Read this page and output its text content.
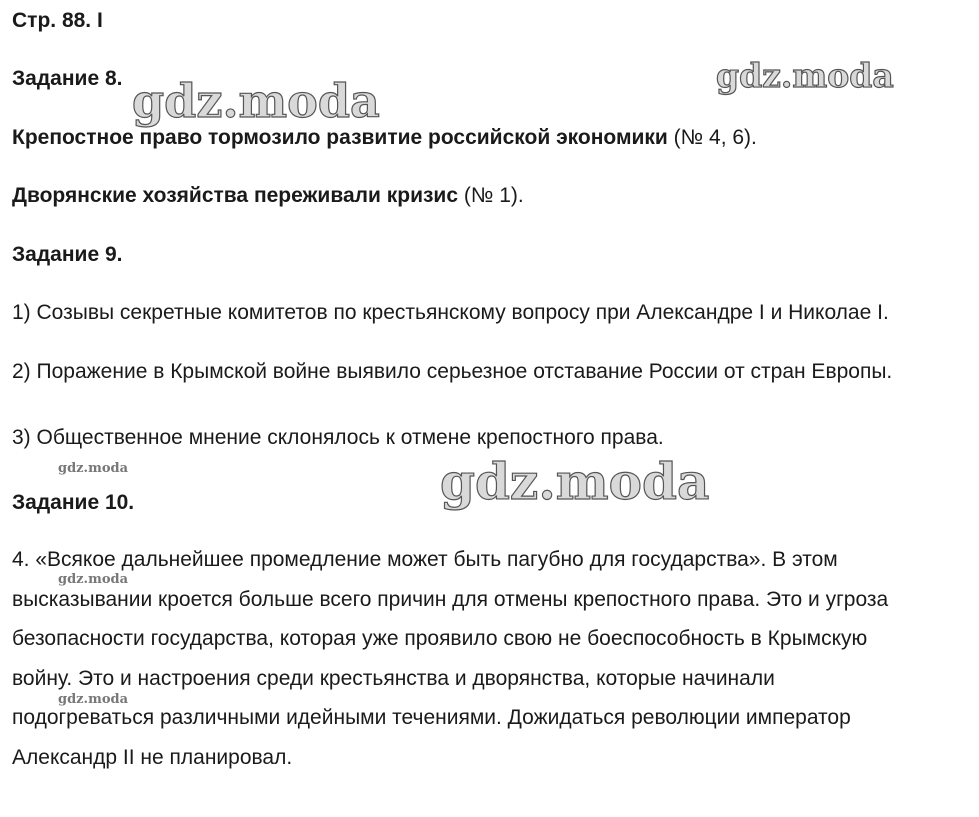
Стр. 88. I
Задание 8.
Крепостное право тормозило развитие российской экономики (№ 4, 6).
Дворянские хозяйства переживали кризис (№ 1).
Задание 9.
1) Созывы секретные комитетов по крестьянскому вопросу при Александре I и Николае I.
2) Поражение в Крымской войне выявило серьезное отставание России от стран Европы.
3) Общественное мнение склонялось к отмене крепостного права.
Задание 10.
4. «Всякое дальнейшее промедление может быть пагубно для государства». В этом
высказывании кроется больше всего причин для отмены крепостного права. Это и угроза
безопасности государства, которая уже проявило свою не боеспособность в Крымскую
войну. Это и настроения среди крестьянства и дворянства, которые начинали
подогреваться различными идейными течениями. Дожидаться революции император
Александр II не планировал.
gdz.moda	gdz.moda
gdz.moda
gdz.moda
gdz.moda
gdz.moda
